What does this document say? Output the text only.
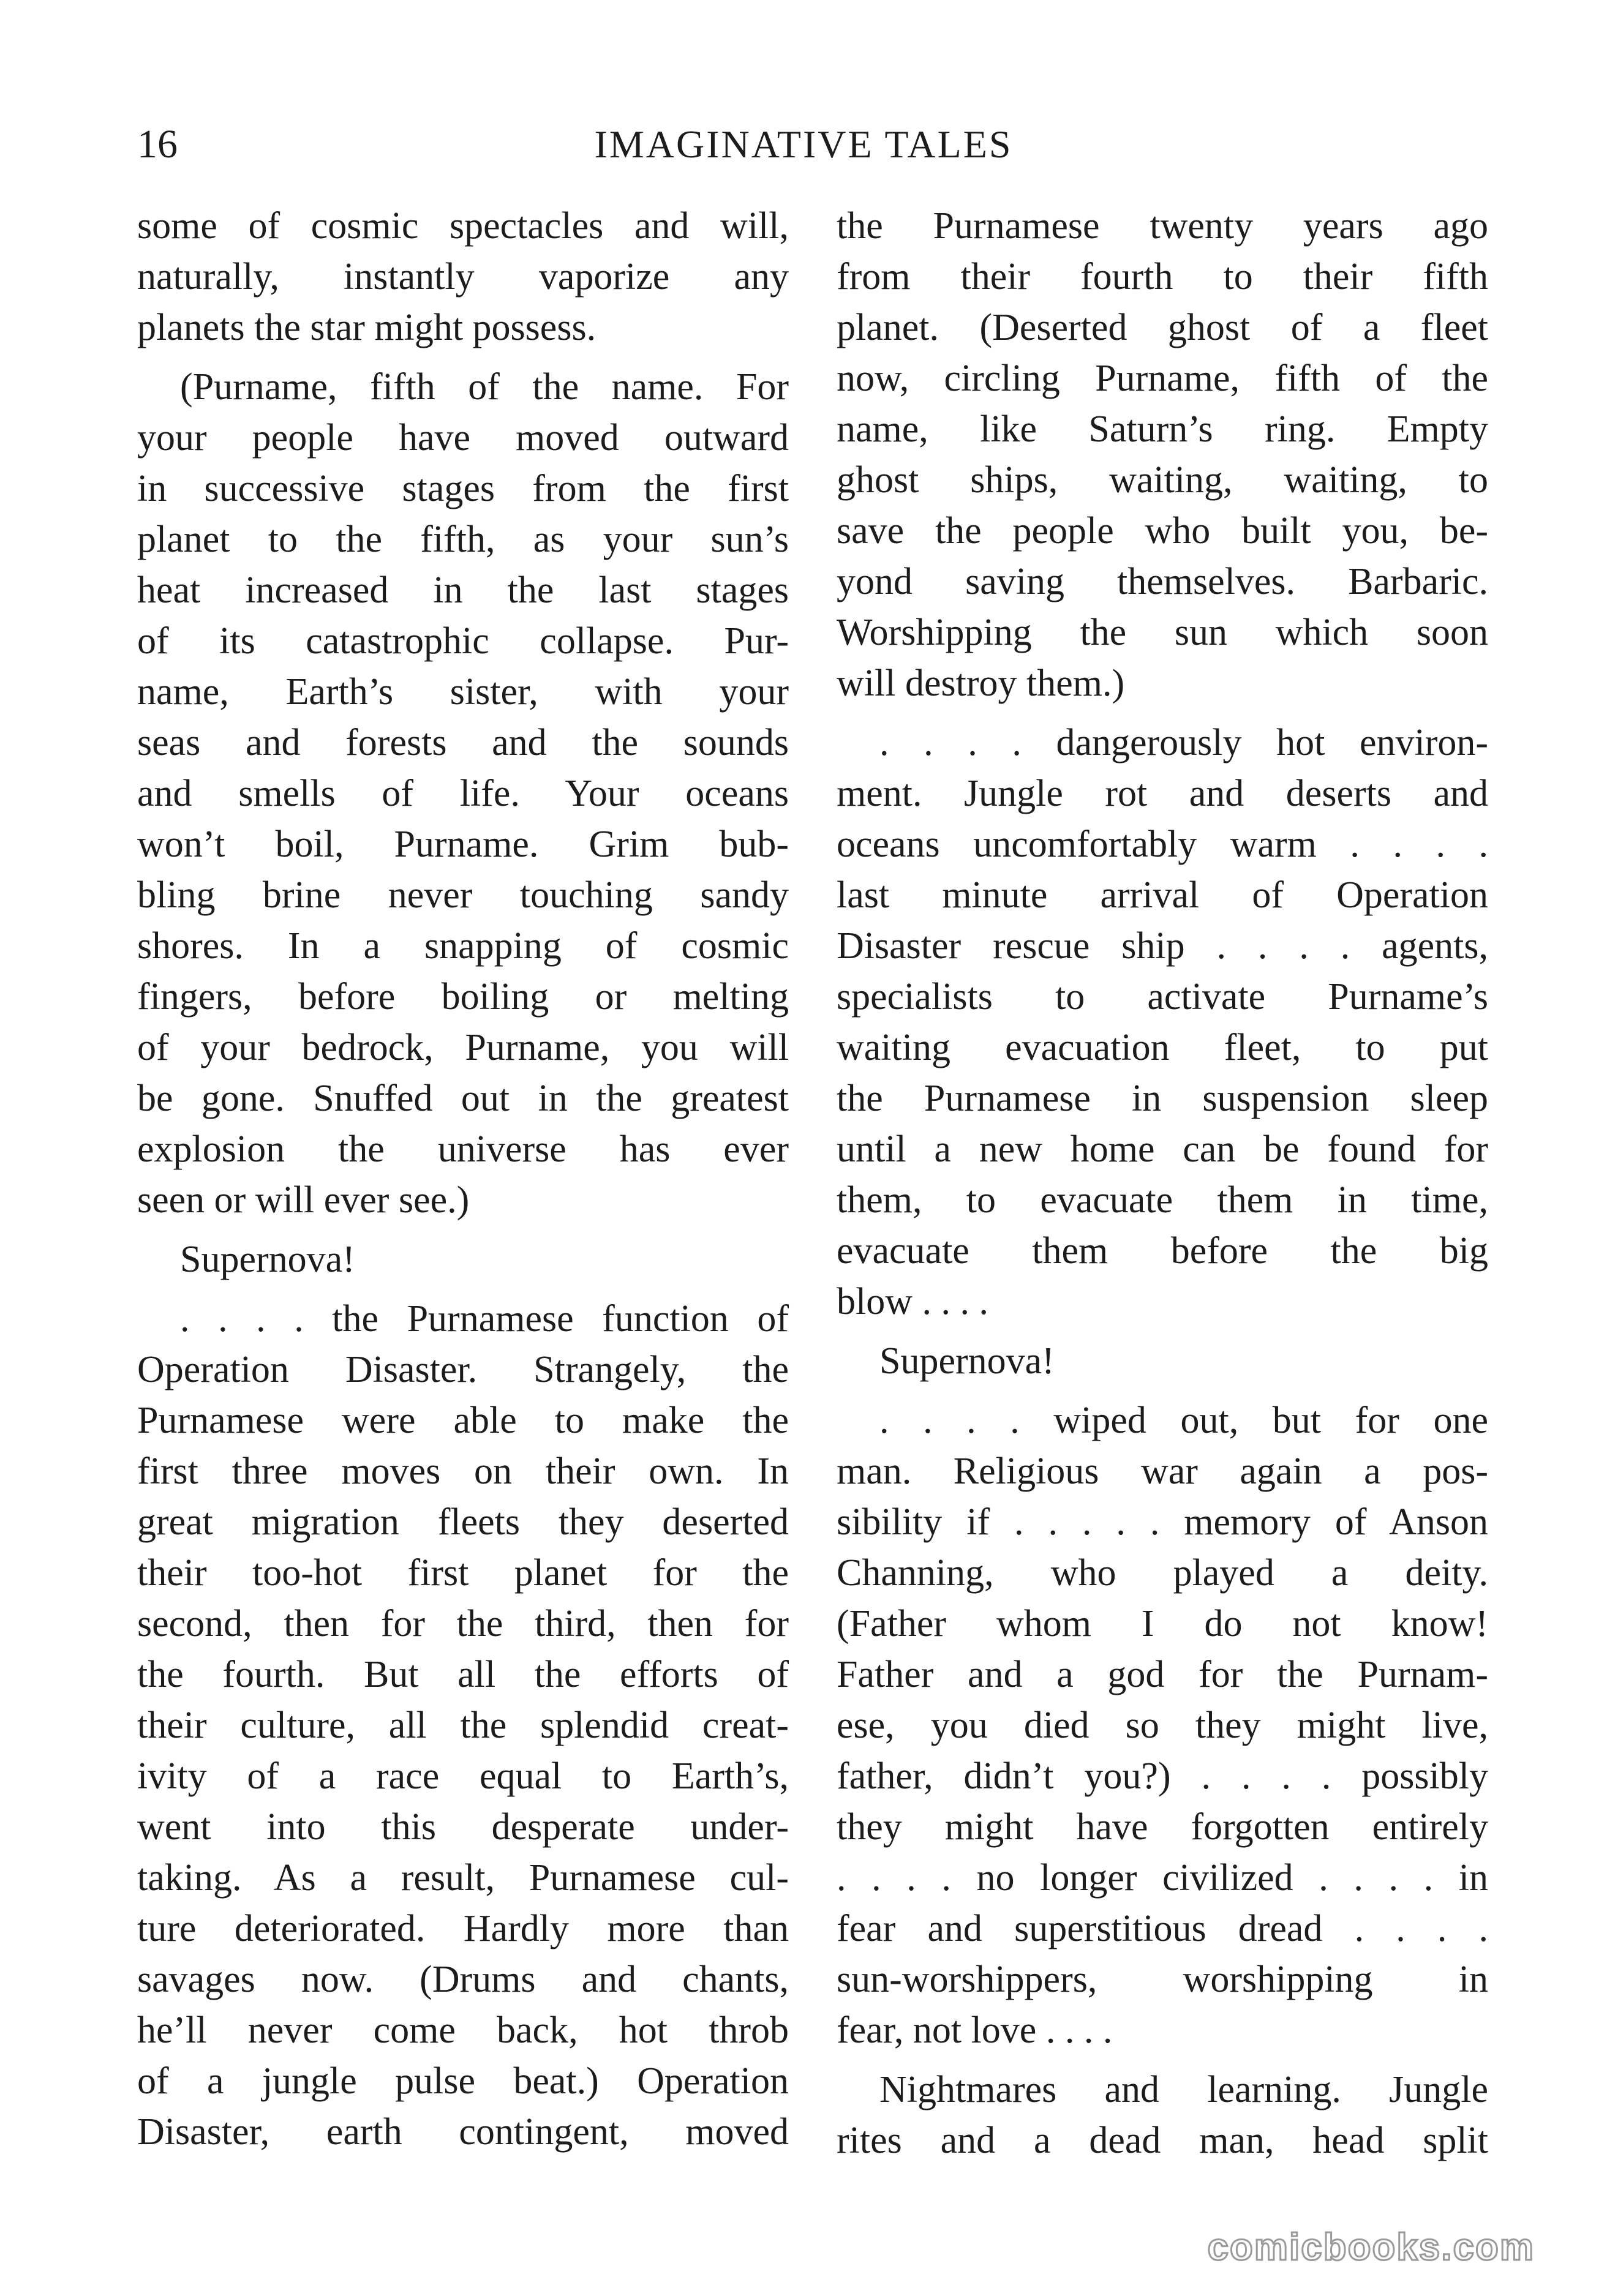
16	IMAGINATIVE TALES

some of cosmic spectacles and will,
naturally, instantly vaporize any
planets the star might possess.

(Purname, fifth of the name. For
your people have moved outward
in successive stages from the first
planet to the fifth, as your sun’s
heat increased in the last stages
of its catastrophic collapse. Pur-
name, Earth’s sister, with your
seas and forests and the sounds
and smells of life. Your oceans
won’t boil, Purname. Grim bub-
bling brine never touching sandy
shores. In a snapping of cosmic
fingers, before boiling or melting
of your bedrock, Purname, you will
be gone. Snuffed out in the greatest
explosion the universe has ever
seen or will ever see.)

Supernova!

. . . . the Purnamese function of
Operation Disaster. Strangely, the
Purnamese were able to make the
first three moves on their own. In
great migration fleets they deserted
their too-hot first planet for the
second, then for the third, then for
the fourth. But all the efforts of
their culture, all the splendid creat-
ivity of a race equal to Earth’s,
went into this desperate under-
taking. As a result, Purnamese cul-
ture deteriorated. Hardly more than
savages now. (Drums and chants,
he’ll never come back, hot throb
of a jungle pulse beat.) Operation
Disaster, earth contingent, moved

the Purnamese twenty years ago
from their fourth to their fifth
planet. (Deserted ghost of a fleet
now, circling Purname, fifth of the
name, like Saturn’s ring. Empty
ghost ships, waiting, waiting, to
save the people who built you, be-
yond saving themselves. Barbaric.
Worshipping the sun which soon
will destroy them.)

. . . . dangerously hot environ-
ment. Jungle rot and deserts and
oceans uncomfortably warm . . . .
last minute arrival of Operation
Disaster rescue ship . . . . agents,
specialists to activate Purname’s
waiting evacuation fleet, to put
the Purnamese in suspension sleep
until a new home can be found for
them, to evacuate them in time,
evacuate them before the big
blow . . . .

Supernova!

. . . . wiped out, but for one
man. Religious war again a pos-
sibility if . . . . . memory of Anson
Channing, who played a deity.
(Father whom I do not know!
Father and a god for the Purnam-
ese, you died so they might live,
father, didn’t you?) . . . . possibly
they might have forgotten entirely
. . . . no longer civilized . . . . in
fear and superstitious dread . . . .
sun-worshippers, worshipping in
fear, not love . . . .

Nightmares and learning. Jungle
rites and a dead man, head split

comicbooks.com
